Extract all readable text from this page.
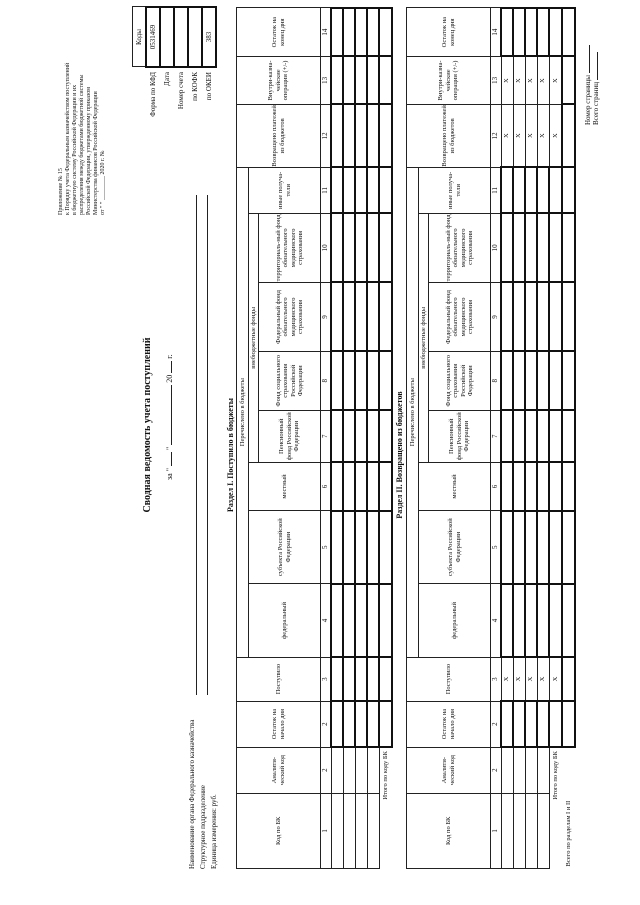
Приложение № 15 к Порядку учета Федеральным казначейством поступлений в бюджетную систему Российской Федерации и их распределения между бюджетами бюджетной системы Российской Федерации, утвержденному приказом Министерства финансов Российской Федерации от " " ________ 2020 г. №
Сводная ведомость учета поступлений за "  "  20  г.
Наименование органа Федерального казначейства Структурное подразделение Единица измерения: руб.
	Коды
Форма по КФД	0531469
Дата	
Номер счета	
по КОФК	
по ОКЕИ	383
Раздел I. Поступило в бюджеты
Код по БК	Аналити-ческий код	Остаток на начало дня	Поступило	Перечислено в бюджеты								Возвращено платежей из бюджетов	Внутри-казна-чейские операции (+/-)	Остаток на конец дня
				федеральный	субъекта Российской Федерации	местный	внебюджетные фонды				иные получа-тели			
							Пенсионный фонд Российской Федерации	Фонд социального страхования Российской Федерации	Федеральный фонд обязательного медицинского страхования	территориаль-ный фонд обязательного медицинского страхования				

1	2	2	3	4	5	6	7	8	9	10	11	12	13	14

Итого по коду БК														
Раздел II. Возвращено из бюджетов
Код по БК	Аналити-ческий код	Остаток на начало дня	Поступило	Перечислено в бюджеты								Возвращено платежей из бюджетов	Внутри-казна-чейские операции (+/-)	Остаток на конец дня
				федеральный	субъекта Российской Федерации	местный	внебюджетные фонды				иные получа-тели			
							Пенсионный фонд Российской Федерации	Фонд социального страхования Российской Федерации	Федеральный фонд обязательного медицинского страхования	территориаль-ный фонд обязательного медицинского страхования				

1	2	2	3	4	5	6	7	8	9	10	11	12	13	14
			X									X	X	
			X									X	X	
			X									X	X	
			X									X	X	
Итого по коду БК			X									X	X	
Всего по разделам I и II														
Номер страницы Всего страниц
